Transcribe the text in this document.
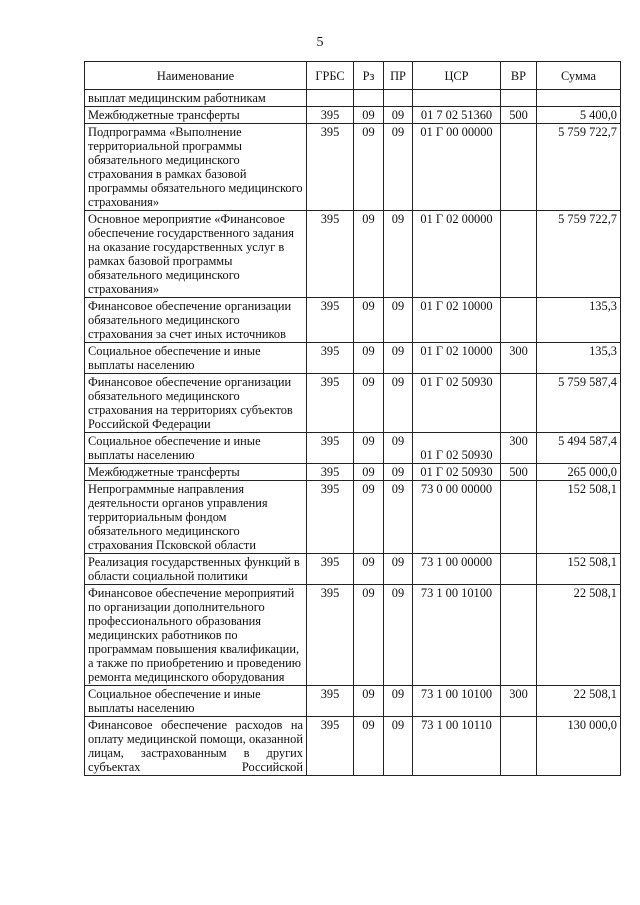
5
Наименование	ГРБС	Рз	ПР	ЦСР	ВР	Сумма
выплат медицинским работникам						
Межбюджетные трансферты	395	09	09	01 7 02 51360	500	5 400,0
Подпрограмма «Выполнение территориальной программы обязательного медицинского страхования в рамках базовой программы обязательного медицинского страхования»	395	09	09	01 Г 00 00000		5 759 722,7
Основное мероприятие «Финансовое обеспечение государственного задания на оказание государственных услуг в рамках базовой программы обязательного медицинского страхования»	395	09	09	01 Г 02 00000		5 759 722,7
Финансовое обеспечение организации обязательного медицинского страхования за счет иных источников	395	09	09	01 Г 02 10000		135,3
Социальное обеспечение и иные выплаты населению	395	09	09	01 Г 02 10000	300	135,3
Финансовое обеспечение организации обязательного медицинского страхования на территориях субъектов Российской Федерации	395	09	09	01 Г 02 50930		5 759 587,4
Социальное обеспечение и иные выплаты населению	395	09	09	01 Г 02 50930	300	5 494 587,4
Межбюджетные трансферты	395	09	09	01 Г 02 50930	500	265 000,0
Непрограммные направления деятельности органов управления территориальным фондом обязательного медицинского страхования Псковской области	395	09	09	73 0 00 00000		152 508,1
Реализация государственных функций в области социальной политики	395	09	09	73 1 00 00000		152 508,1
Финансовое обеспечение мероприятий по организации дополнительного профессионального образования медицинских работников по программам повышения квалификации, а также по приобретению и проведению ремонта медицинского оборудования	395	09	09	73 1 00 10100		22 508,1
Социальное обеспечение и иные выплаты населению	395	09	09	73 1 00 10100	300	22 508,1
Финансовое обеспечение расходов на оплату медицинской помощи, оказанной лицам, застрахованным в других субъектах Российской	395	09	09	73 1 00 10110		130 000,0
